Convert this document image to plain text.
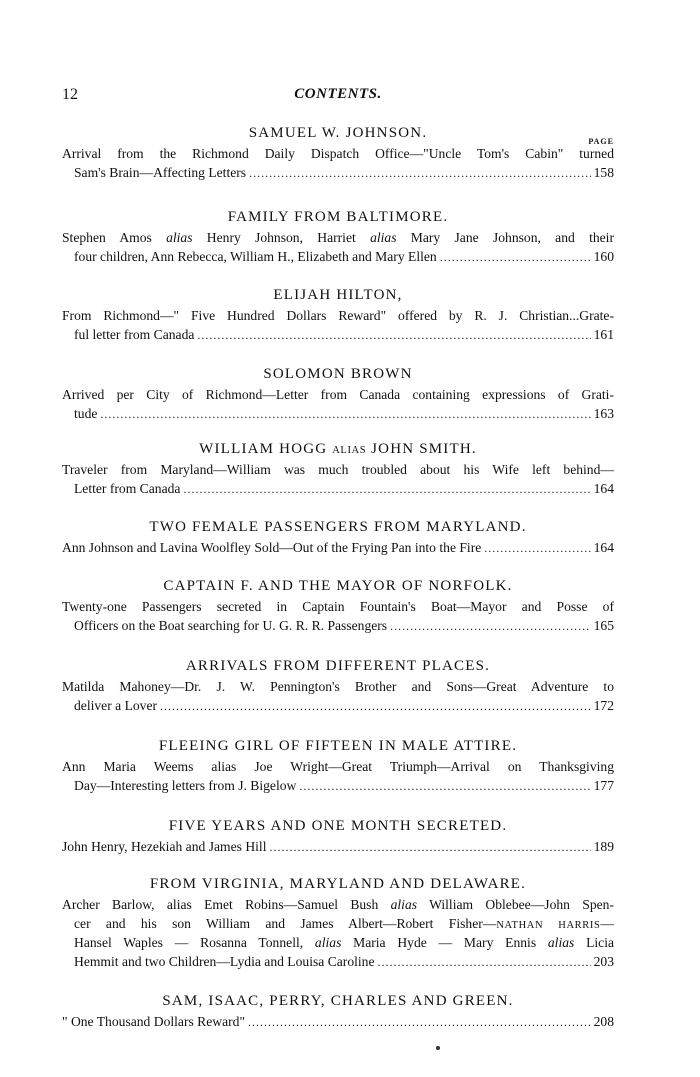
12	CONTENTS.
SAMUEL W. JOHNSON.
PAGE
Arrival from the Richmond Daily Dispatch Office—"Uncle Tom's Cabin" turned
Sam's Brain—Affecting Letters .....	158
FAMILY FROM BALTIMORE.
Stephen Amos alias Henry Johnson, Harriet alias Mary Jane Johnson, and their
four children, Ann Rebecca, William H., Elizabeth and Mary Ellen .....	160
ELIJAH HILTON,
From Richmond—" Five Hundred Dollars Reward" offered by R. J. Christian...Grate-
ful letter from Canada .....	161
SOLOMON BROWN
Arrived per City of Richmond—Letter from Canada containing expressions of Grati-
tude .....	163
WILLIAM HOGG ALIAS JOHN SMITH.
Traveler from Maryland—William was much troubled about his Wife left behind—
Letter from Canada .....	164
TWO FEMALE PASSENGERS FROM MARYLAND.
Ann Johnson and Lavina Woolfley Sold—Out of the Frying Pan into the Fire .....	164
CAPTAIN F. AND THE MAYOR OF NORFOLK.
Twenty-one Passengers secreted in Captain Fountain's Boat—Mayor and Posse of
Officers on the Boat searching for U. G. R. R. Passengers .....	165
ARRIVALS FROM DIFFERENT PLACES.
Matilda Mahoney—Dr. J. W. Pennington's Brother and Sons—Great Adventure to
deliver a Lover .....	172
FLEEING GIRL OF FIFTEEN IN MALE ATTIRE.
Ann Maria Weems alias Joe Wright—Great Triumph—Arrival on Thanksgiving
Day—Interesting letters from J. Bigelow .....	177
FIVE YEARS AND ONE MONTH SECRETED.
John Henry, Hezekiah and James Hill .....	189
FROM VIRGINIA, MARYLAND AND DELAWARE.
Archer Barlow, alias Emet Robins—Samuel Bush alias William Oblebee—John Spen-
cer and his son William and James Albert—Robert Fisher—NATHAN HARRIS—
Hansel Waples — Rosanna Tonnell, alias Maria Hyde — Mary Ennis alias Licia
Hemmit and two Children—Lydia and Louisa Caroline .....	203
SAM, ISAAC, PERRY, CHARLES AND GREEN.
" One Thousand Dollars Reward" .....	208
